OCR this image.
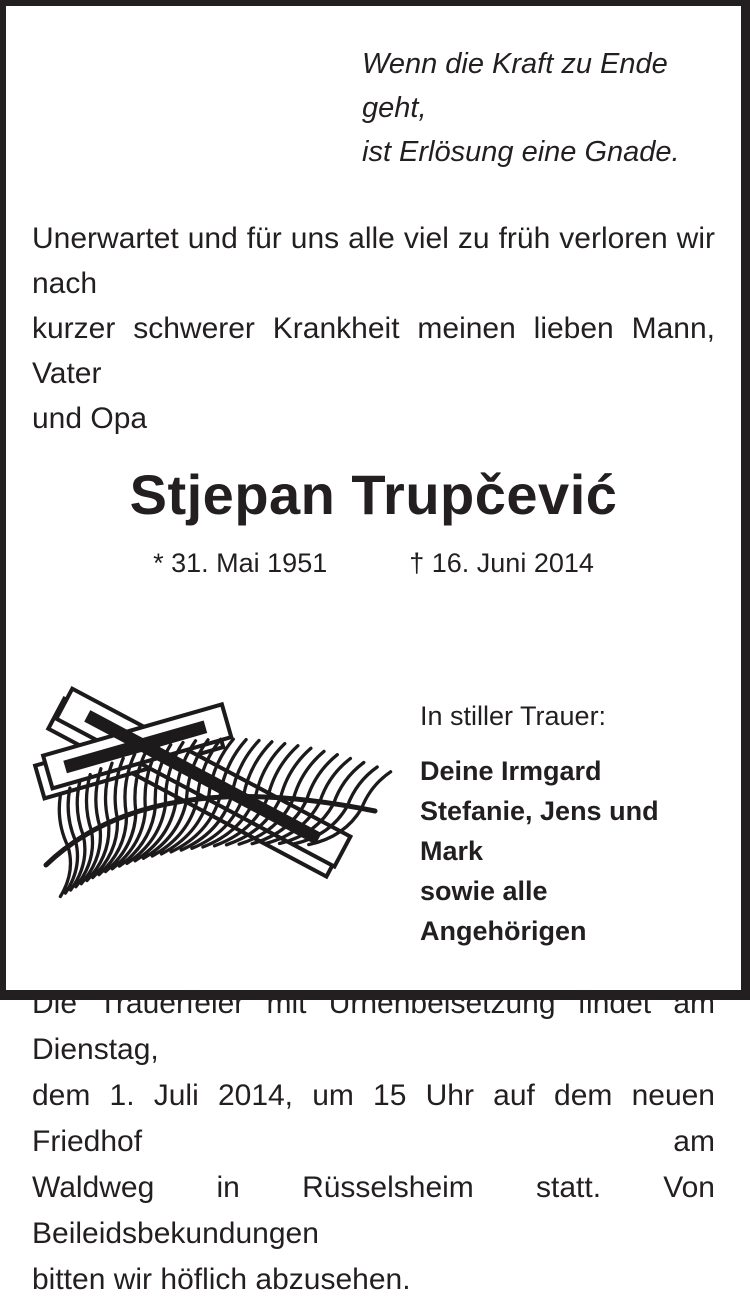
Wenn die Kraft zu Ende geht,
ist Erlösung eine Gnade.
Unerwartet und für uns alle viel zu früh verloren wir nach
kurzer schwerer Krankheit meinen lieben Mann, Vater
und Opa
Stjepan Trupčević
* 31. Mai 1951	† 16. Juni 2014
In stiller Trauer:
Deine Irmgard
Stefanie, Jens und Mark
sowie alle Angehörigen
Die Trauerfeier mit Urnenbeisetzung findet am Dienstag,
dem 1. Juli 2014, um 15 Uhr auf dem neuen Friedhof am
Waldweg in Rüsselsheim statt. Von Beileidsbekundungen
bitten wir höflich abzusehen.
